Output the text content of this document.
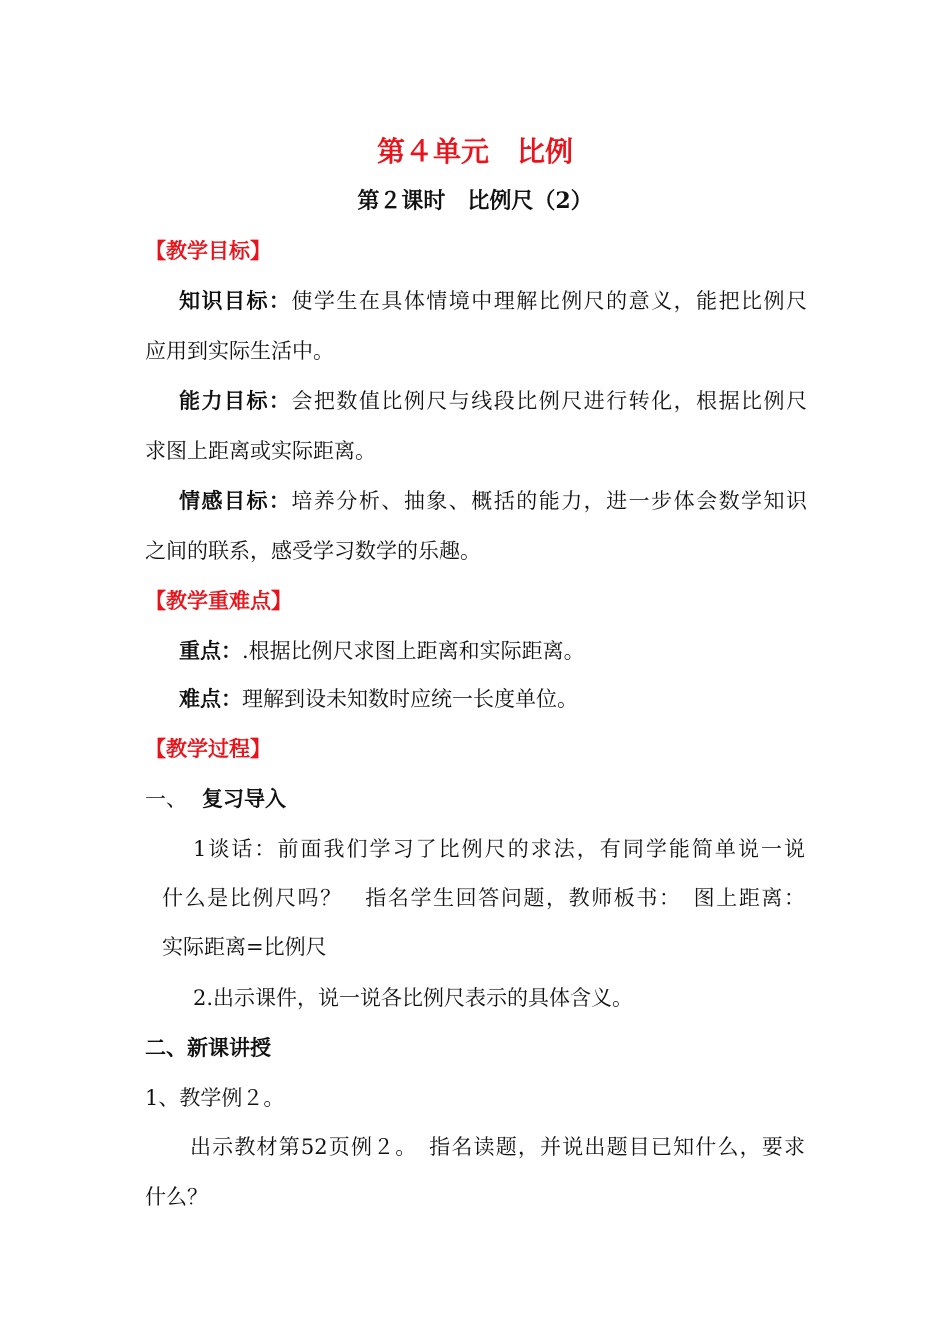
第４单元　比例
第２课时　比例尺（2）
【教学目标】
知识目标：使学生在具体情境中理解比例尺的意义，能把比例尺
应用到实际生活中。
能力目标：会把数值比例尺与线段比例尺进行转化，根据比例尺
求图上距离或实际距离。
情感目标：培养分析、抽象、概括的能力，进一步体会数学知识
之间的联系，感受学习数学的乐趣。
【教学重难点】
重点：.根据比例尺求图上距离和实际距离。
难点：理解到设未知数时应统一长度单位。
【教学过程】
一、 复习导入
1谈话：前面我们学习了比例尺的求法，有同学能简单说一说
什么是比例尺吗？　指名学生回答问题，教师板书：　图上距离：
实际距离=比例尺
2.出示课件，说一说各比例尺表示的具体含义。
二、新课讲授
1、教学例２。
出示教材第52页例２。　指名读题，并说出题目已知什么，要求
什么？
